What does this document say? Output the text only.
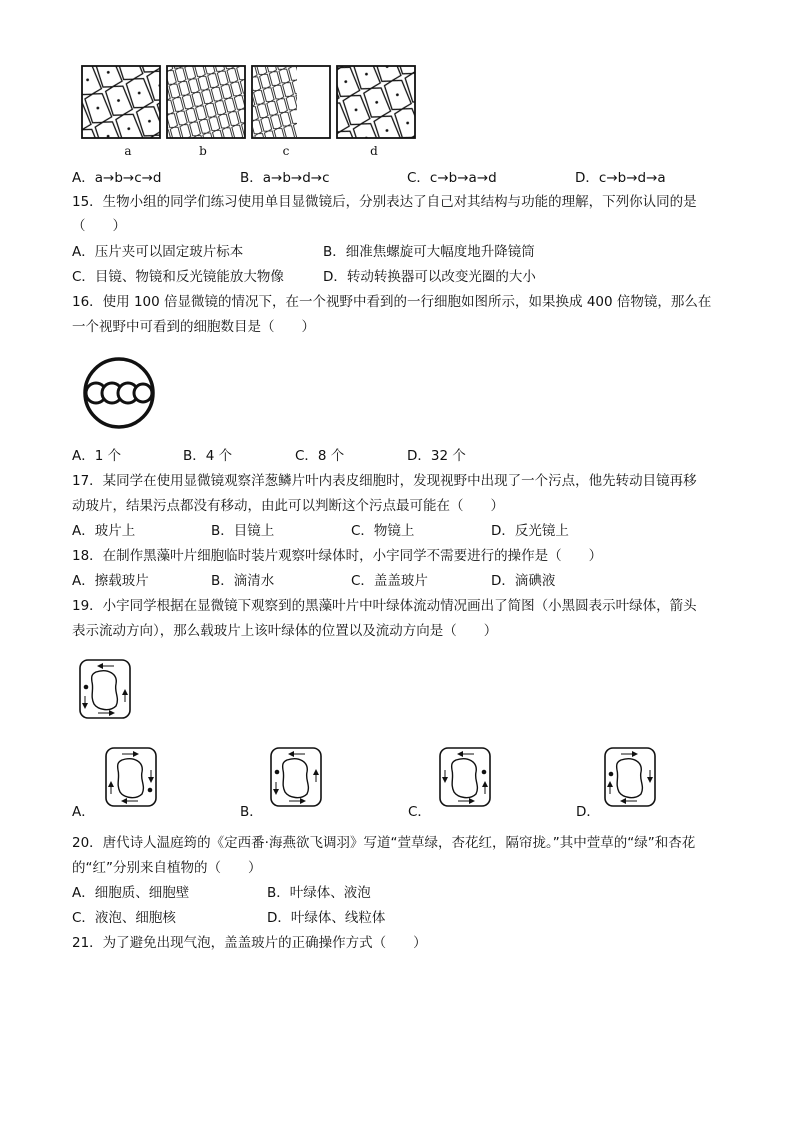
a	b	c	d
A．a→b→c→d	B．a→b→d→c	C．c→b→a→d	D．c→b→d→a
15．生物小组的同学们练习使用单目显微镜后，分别表达了自己对其结构与功能的理解，下列你认同的是
（　　）
A．压片夹可以固定玻片标本	B．细准焦螺旋可大幅度地升降镜筒
C．目镜、物镜和反光镜能放大物像	D．转动转换器可以改变光圈的大小
16．使用 100 倍显微镜的情况下，在一个视野中看到的一行细胞如图所示，如果换成 400 倍物镜，那么在
一个视野中可看到的细胞数目是（　　）
A．1 个	B．4 个	C．8 个	D．32 个
17．某同学在使用显微镜观察洋葱鳞片叶内表皮细胞时，发现视野中出现了一个污点，他先转动目镜再移
动玻片，结果污点都没有移动，由此可以判断这个污点最可能在（　　）
A．玻片上	B．目镜上	C．物镜上	D．反光镜上
18．在制作黑藻叶片细胞临时装片观察叶绿体时，小宇同学不需要进行的操作是（　　）
A．擦载玻片	B．滴清水	C．盖盖玻片	D．滴碘液
19．小宇同学根据在显微镜下观察到的黑藻叶片中叶绿体流动情况画出了简图（小黑圆表示叶绿体，箭头
表示流动方向），那么载玻片上该叶绿体的位置以及流动方向是（　　）
A．	B．	C．	D．
20．唐代诗人温庭筠的《定西番·海燕欲飞调羽》写道“萱草绿，杏花红，隔帘拢。”其中萱草的“绿”和杏花
的“红”分别来自植物的（　　）
A．细胞质、细胞壁	B．叶绿体、液泡
C．液泡、细胞核	D．叶绿体、线粒体
21．为了避免出现气泡，盖盖玻片的正确操作方式（　　）
